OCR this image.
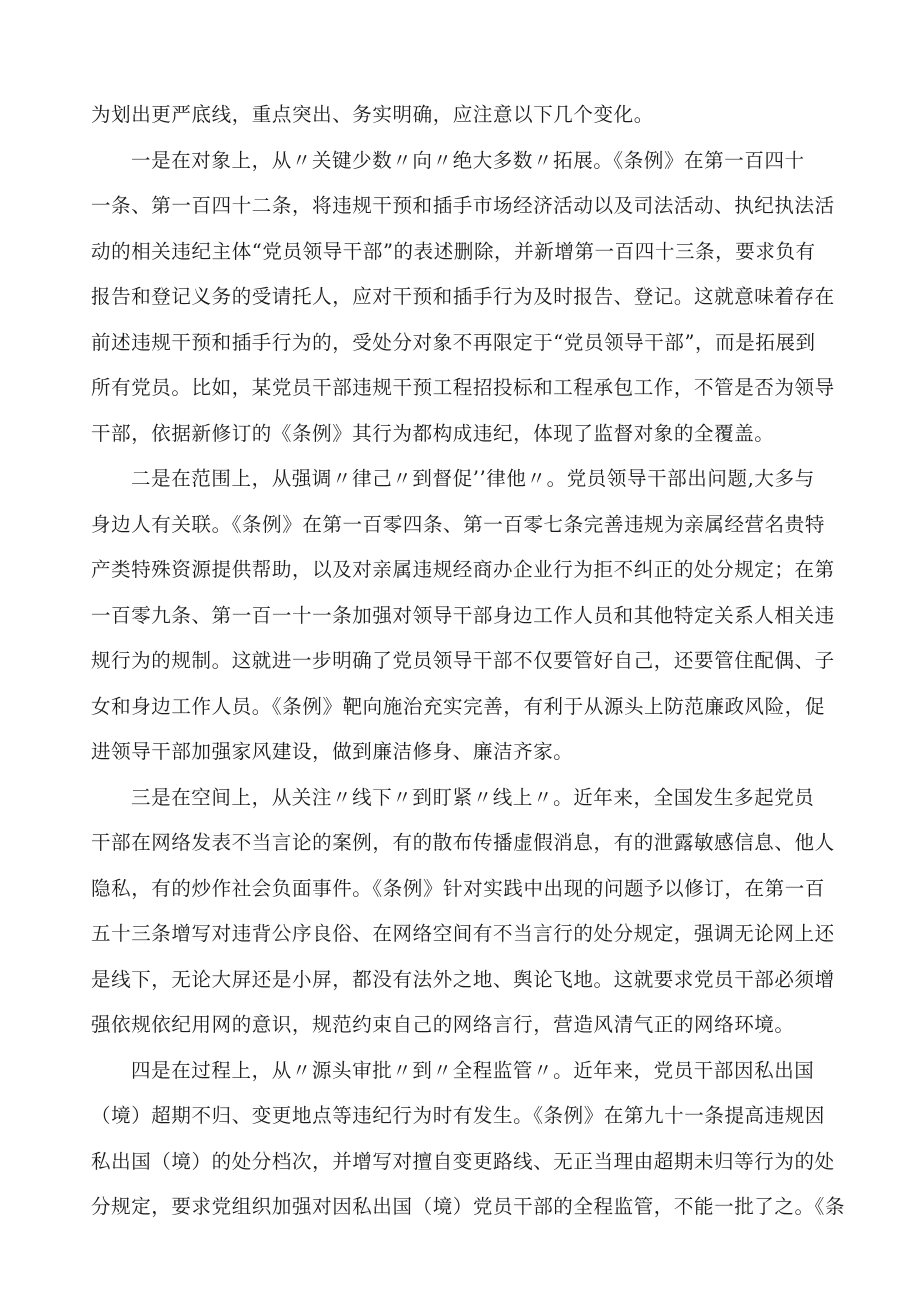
为划出更严底线，重点突出、务实明确，应注意以下几个变化。
一是在对象上，从〃关键少数〃向〃绝大多数〃拓展。《条例》在第一百四十
一条、第一百四十二条，将违规干预和插手市场经济活动以及司法活动、执纪执法活
动的相关违纪主体“党员领导干部”的表述删除，并新增第一百四十三条，要求负有
报告和登记义务的受请托人，应对干预和插手行为及时报告、登记。这就意味着存在
前述违规干预和插手行为的，受处分对象不再限定于“党员领导干部”，而是拓展到
所有党员。比如，某党员干部违规干预工程招投标和工程承包工作，不管是否为领导
干部，依据新修订的《条例》其行为都构成违纪，体现了监督对象的全覆盖。
二是在范围上，从强调〃律己〃到督促’’律他〃。党员领导干部出问题,大多与
身边人有关联。《条例》在第一百零四条、第一百零七条完善违规为亲属经营名贵特
产类特殊资源提供帮助，以及对亲属违规经商办企业行为拒不纠正的处分规定；在第
一百零九条、第一百一十一条加强对领导干部身边工作人员和其他特定关系人相关违
规行为的规制。这就进一步明确了党员领导干部不仅要管好自己，还要管住配偶、子
女和身边工作人员。《条例》靶向施治充实完善，有利于从源头上防范廉政风险，促
进领导干部加强家风建设，做到廉洁修身、廉洁齐家。
三是在空间上，从关注〃线下〃到盯紧〃线上〃。近年来，全国发生多起党员
干部在网络发表不当言论的案例，有的散布传播虚假消息，有的泄露敏感信息、他人
隐私，有的炒作社会负面事件。《条例》针对实践中出现的问题予以修订，在第一百
五十三条增写对违背公序良俗、在网络空间有不当言行的处分规定，强调无论网上还
是线下，无论大屏还是小屏，都没有法外之地、舆论飞地。这就要求党员干部必须增
强依规依纪用网的意识，规范约束自己的网络言行，营造风清气正的网络环境。
四是在过程上，从〃源头审批〃到〃全程监管〃。近年来，党员干部因私出国
（境）超期不归、变更地点等违纪行为时有发生。《条例》在第九十一条提高违规因
私出国（境）的处分档次，并增写对擅自变更路线、无正当理由超期未归等行为的处
分规定，要求党组织加强对因私出国（境）党员干部的全程监管，不能一批了之。《条
